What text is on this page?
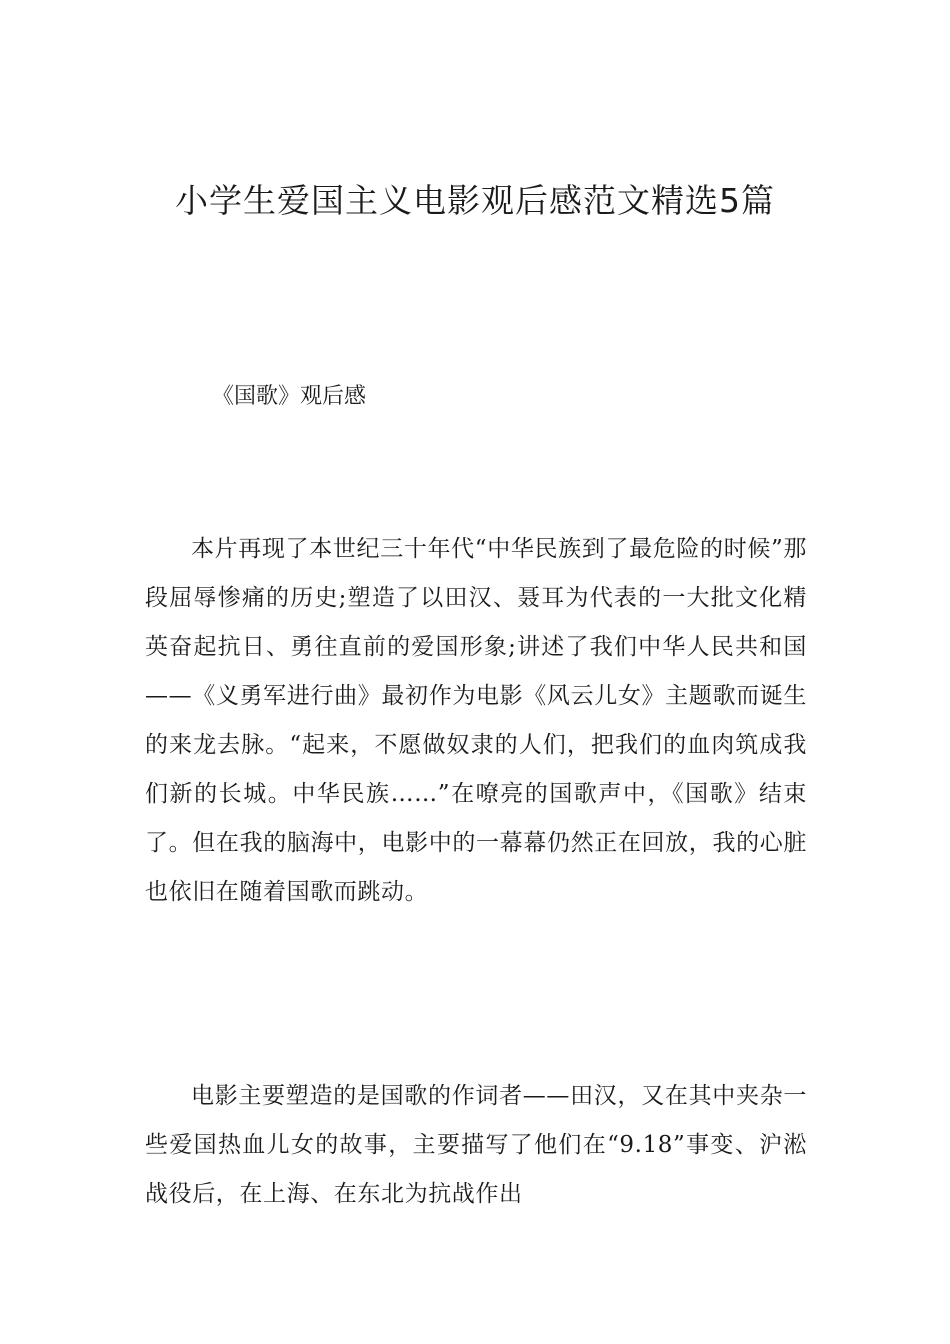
小学生爱国主义电影观后感范文精选5篇
《国歌》观后感

本片再现了本世纪三十年代“中华民族到了最危险的时候”那段屈辱惨痛的历史;塑造了以田汉、聂耳为代表的一大批文化精英奋起抗日、勇往直前的爱国形象;讲述了我们中华人民共和国——《义勇军进行曲》最初作为电影《风云儿女》主题歌而诞生的来龙去脉。“起来，不愿做奴隶的人们，把我们的血肉筑成我们新的长城。中华民族……”在嘹亮的国歌声中，《国歌》结束了。但在我的脑海中，电影中的一幕幕仍然正在回放，我的心脏也依旧在随着国歌而跳动。

电影主要塑造的是国歌的作词者——田汉，又在其中夹杂一些爱国热血儿女的故事，主要描写了他们在“9.18”事变、沪淞战役后，在上海、在东北为抗战作出
